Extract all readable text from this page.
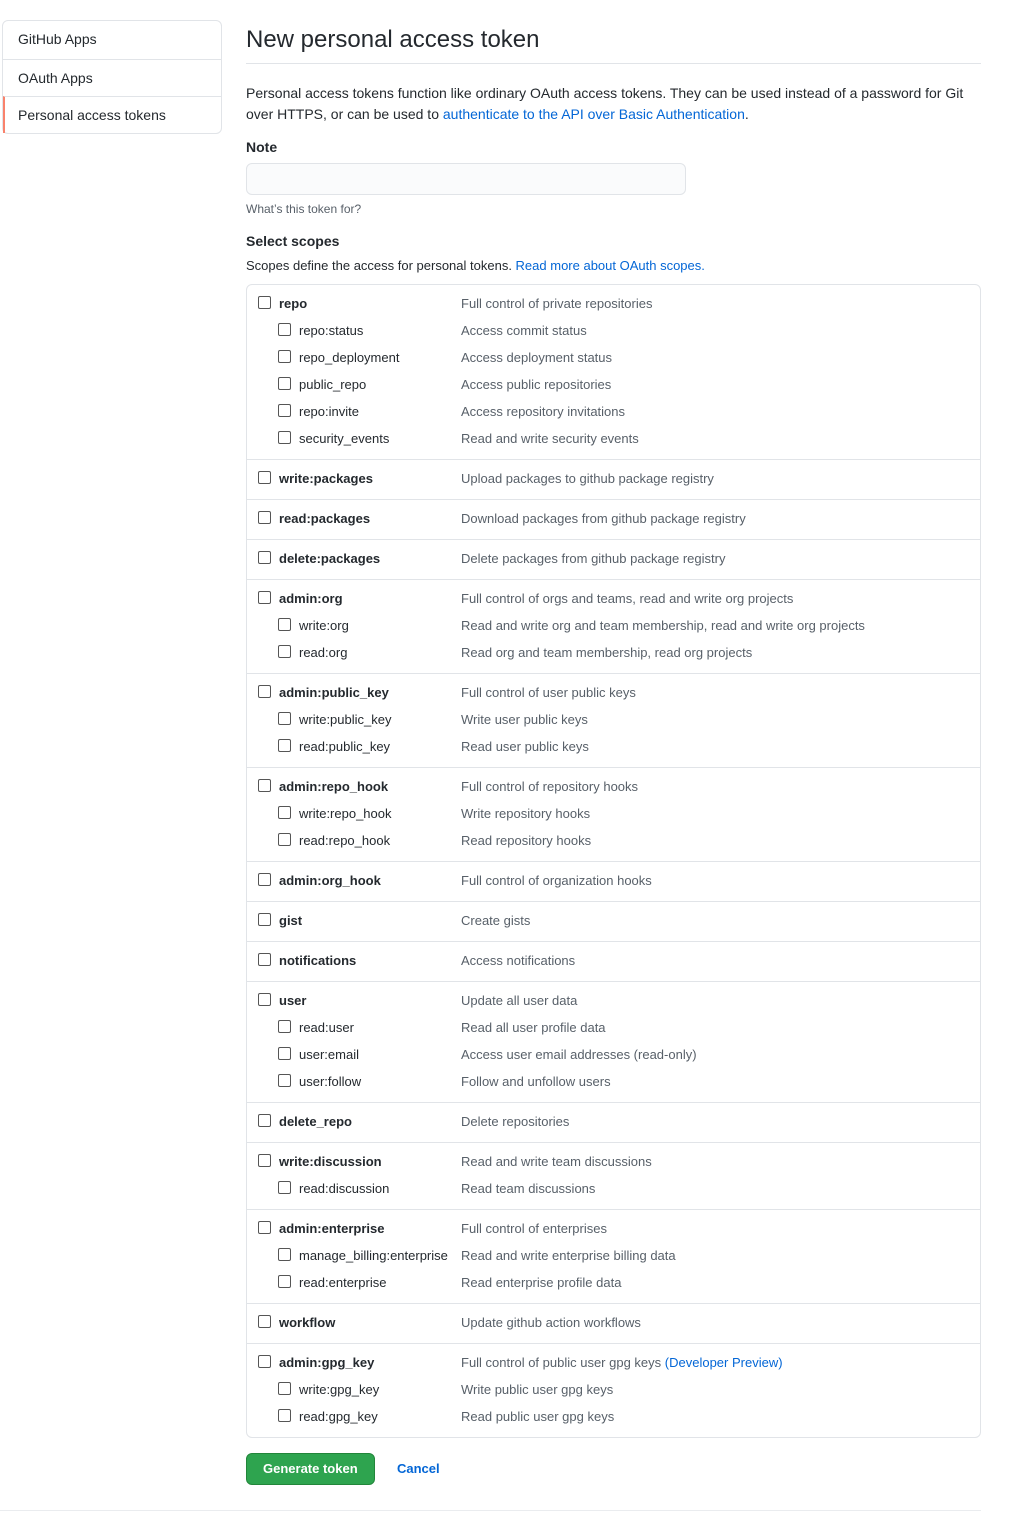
GitHub Apps
OAuth Apps
Personal access tokens
New personal access token

Personal access tokens function like ordinary OAuth access tokens. They can be used instead of a password for Git over HTTPS, or can be used to authenticate to the API over Basic Authentication.

Note
What’s this token for?
Select scopes
Scopes define the access for personal tokens. Read more about OAuth scopes.
repo	Full control of private repositories
repo:status	Access commit status
repo_deployment	Access deployment status
public_repo	Access public repositories
repo:invite	Access repository invitations
security_events	Read and write security events
write:packages	Upload packages to github package registry
read:packages	Download packages from github package registry
delete:packages	Delete packages from github package registry
admin:org	Full control of orgs and teams, read and write org projects
write:org	Read and write org and team membership, read and write org projects
read:org	Read org and team membership, read org projects
admin:public_key	Full control of user public keys
write:public_key	Write user public keys
read:public_key	Read user public keys
admin:repo_hook	Full control of repository hooks
write:repo_hook	Write repository hooks
read:repo_hook	Read repository hooks
admin:org_hook	Full control of organization hooks
gist	Create gists
notifications	Access notifications
user	Update all user data
read:user	Read all user profile data
user:email	Access user email addresses (read-only)
user:follow	Follow and unfollow users
delete_repo	Delete repositories
write:discussion	Read and write team discussions
read:discussion	Read team discussions
admin:enterprise	Full control of enterprises
manage_billing:enterprise Read and write enterprise billing data
read:enterprise	Read enterprise profile data
workflow	Update github action workflows
admin:gpg_key	Full control of public user gpg keys (Developer Preview)
write:gpg_key	Write public user gpg keys
read:gpg_key	Read public user gpg keys
Generate token	Cancel
